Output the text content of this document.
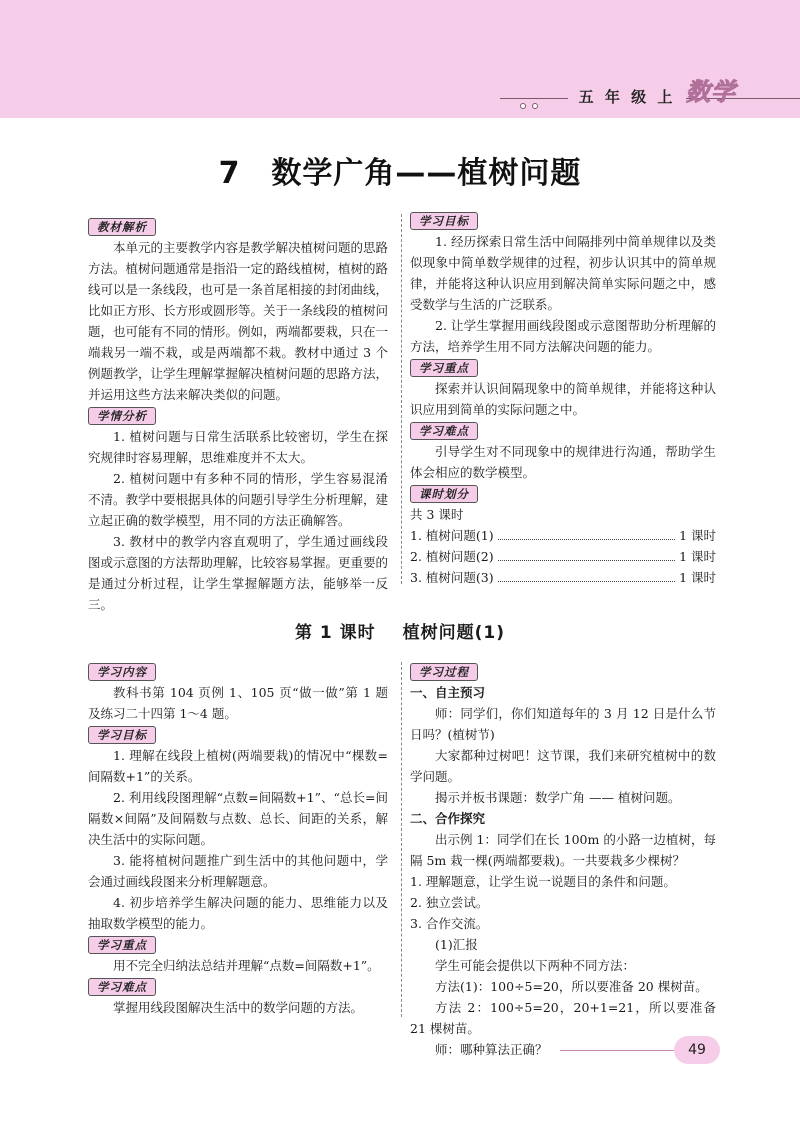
五 年 级 上 数学
7　数学广角——植树问题
教材解析
本单元的主要教学内容是教学解决植树问题的思路方法。植树问题通常是指沿一定的路线植树，植树的路线可以是一条线段，也可是一条首尾相接的封闭曲线，比如正方形、长方形或圆形等。关于一条线段的植树问题，也可能有不同的情形。例如，两端都要栽，只在一端栽另一端不栽，或是两端都不栽。教材中通过 3 个例题教学，让学生理解掌握解决植树问题的思路方法，并运用这些方法来解决类似的问题。
学情分析
1. 植树问题与日常生活联系比较密切，学生在探究规律时容易理解，思维难度并不太大。
2. 植树问题中有多种不同的情形，学生容易混淆不清。教学中要根据具体的问题引导学生分析理解，建立起正确的数学模型，用不同的方法正确解答。
3. 教材中的教学内容直观明了，学生通过画线段图或示意图的方法帮助理解，比较容易掌握。更重要的是通过分析过程，让学生掌握解题方法，能够举一反三。
学习目标
1. 经历探索日常生活中间隔排列中简单规律以及类似现象中简单数学规律的过程，初步认识其中的简单规律，并能将这种认识应用到解决简单实际问题之中，感受数学与生活的广泛联系。
2. 让学生掌握用画线段图或示意图帮助分析理解的方法，培养学生用不同方法解决问题的能力。
学习重点
探索并认识间隔现象中的简单规律，并能将这种认识应用到简单的实际问题之中。
学习难点
引导学生对不同现象中的规律进行沟通，帮助学生体会相应的数学模型。
课时划分
共 3 课时
1. 植树问题(1)	1 课时
2. 植树问题(2)	1 课时
3. 植树问题(3)	1 课时
第 1 课时 植树问题(1)
学习内容
教科书第 104 页例 1、105 页“做一做”第 1 题及练习二十四第 1～4 题。
学习目标
1. 理解在线段上植树(两端要栽)的情况中“棵数=间隔数+1”的关系。
2. 利用线段图理解“点数=间隔数+1”、“总长=间隔数×间隔”及间隔数与点数、总长、间距的关系，解决生活中的实际问题。
3. 能将植树问题推广到生活中的其他问题中，学会通过画线段图来分析理解题意。
4. 初步培养学生解决问题的能力、思维能力以及抽取数学模型的能力。
学习重点
用不完全归纳法总结并理解“点数=间隔数+1”。
学习难点
掌握用线段图解决生活中的数学问题的方法。
学习过程
一、自主预习
师：同学们，你们知道每年的 3 月 12 日是什么节日吗？(植树节)
大家都种过树吧！这节课，我们来研究植树中的数学问题。
揭示并板书课题：数学广角 —— 植树问题。
二、合作探究
出示例 1：同学们在长 100m 的小路一边植树，每隔 5m 栽一棵(两端都要栽)。一共要栽多少棵树？
1. 理解题意，让学生说一说题目的条件和问题。
2. 独立尝试。
3. 合作交流。
(1)汇报
学生可能会提供以下两种不同方法：
方法(1)：100÷5=20，所以要准备 20 棵树苗。
方法 2：100÷5=20，20+1=21，所以要准备 21 棵树苗。
师：哪种算法正确？	49
